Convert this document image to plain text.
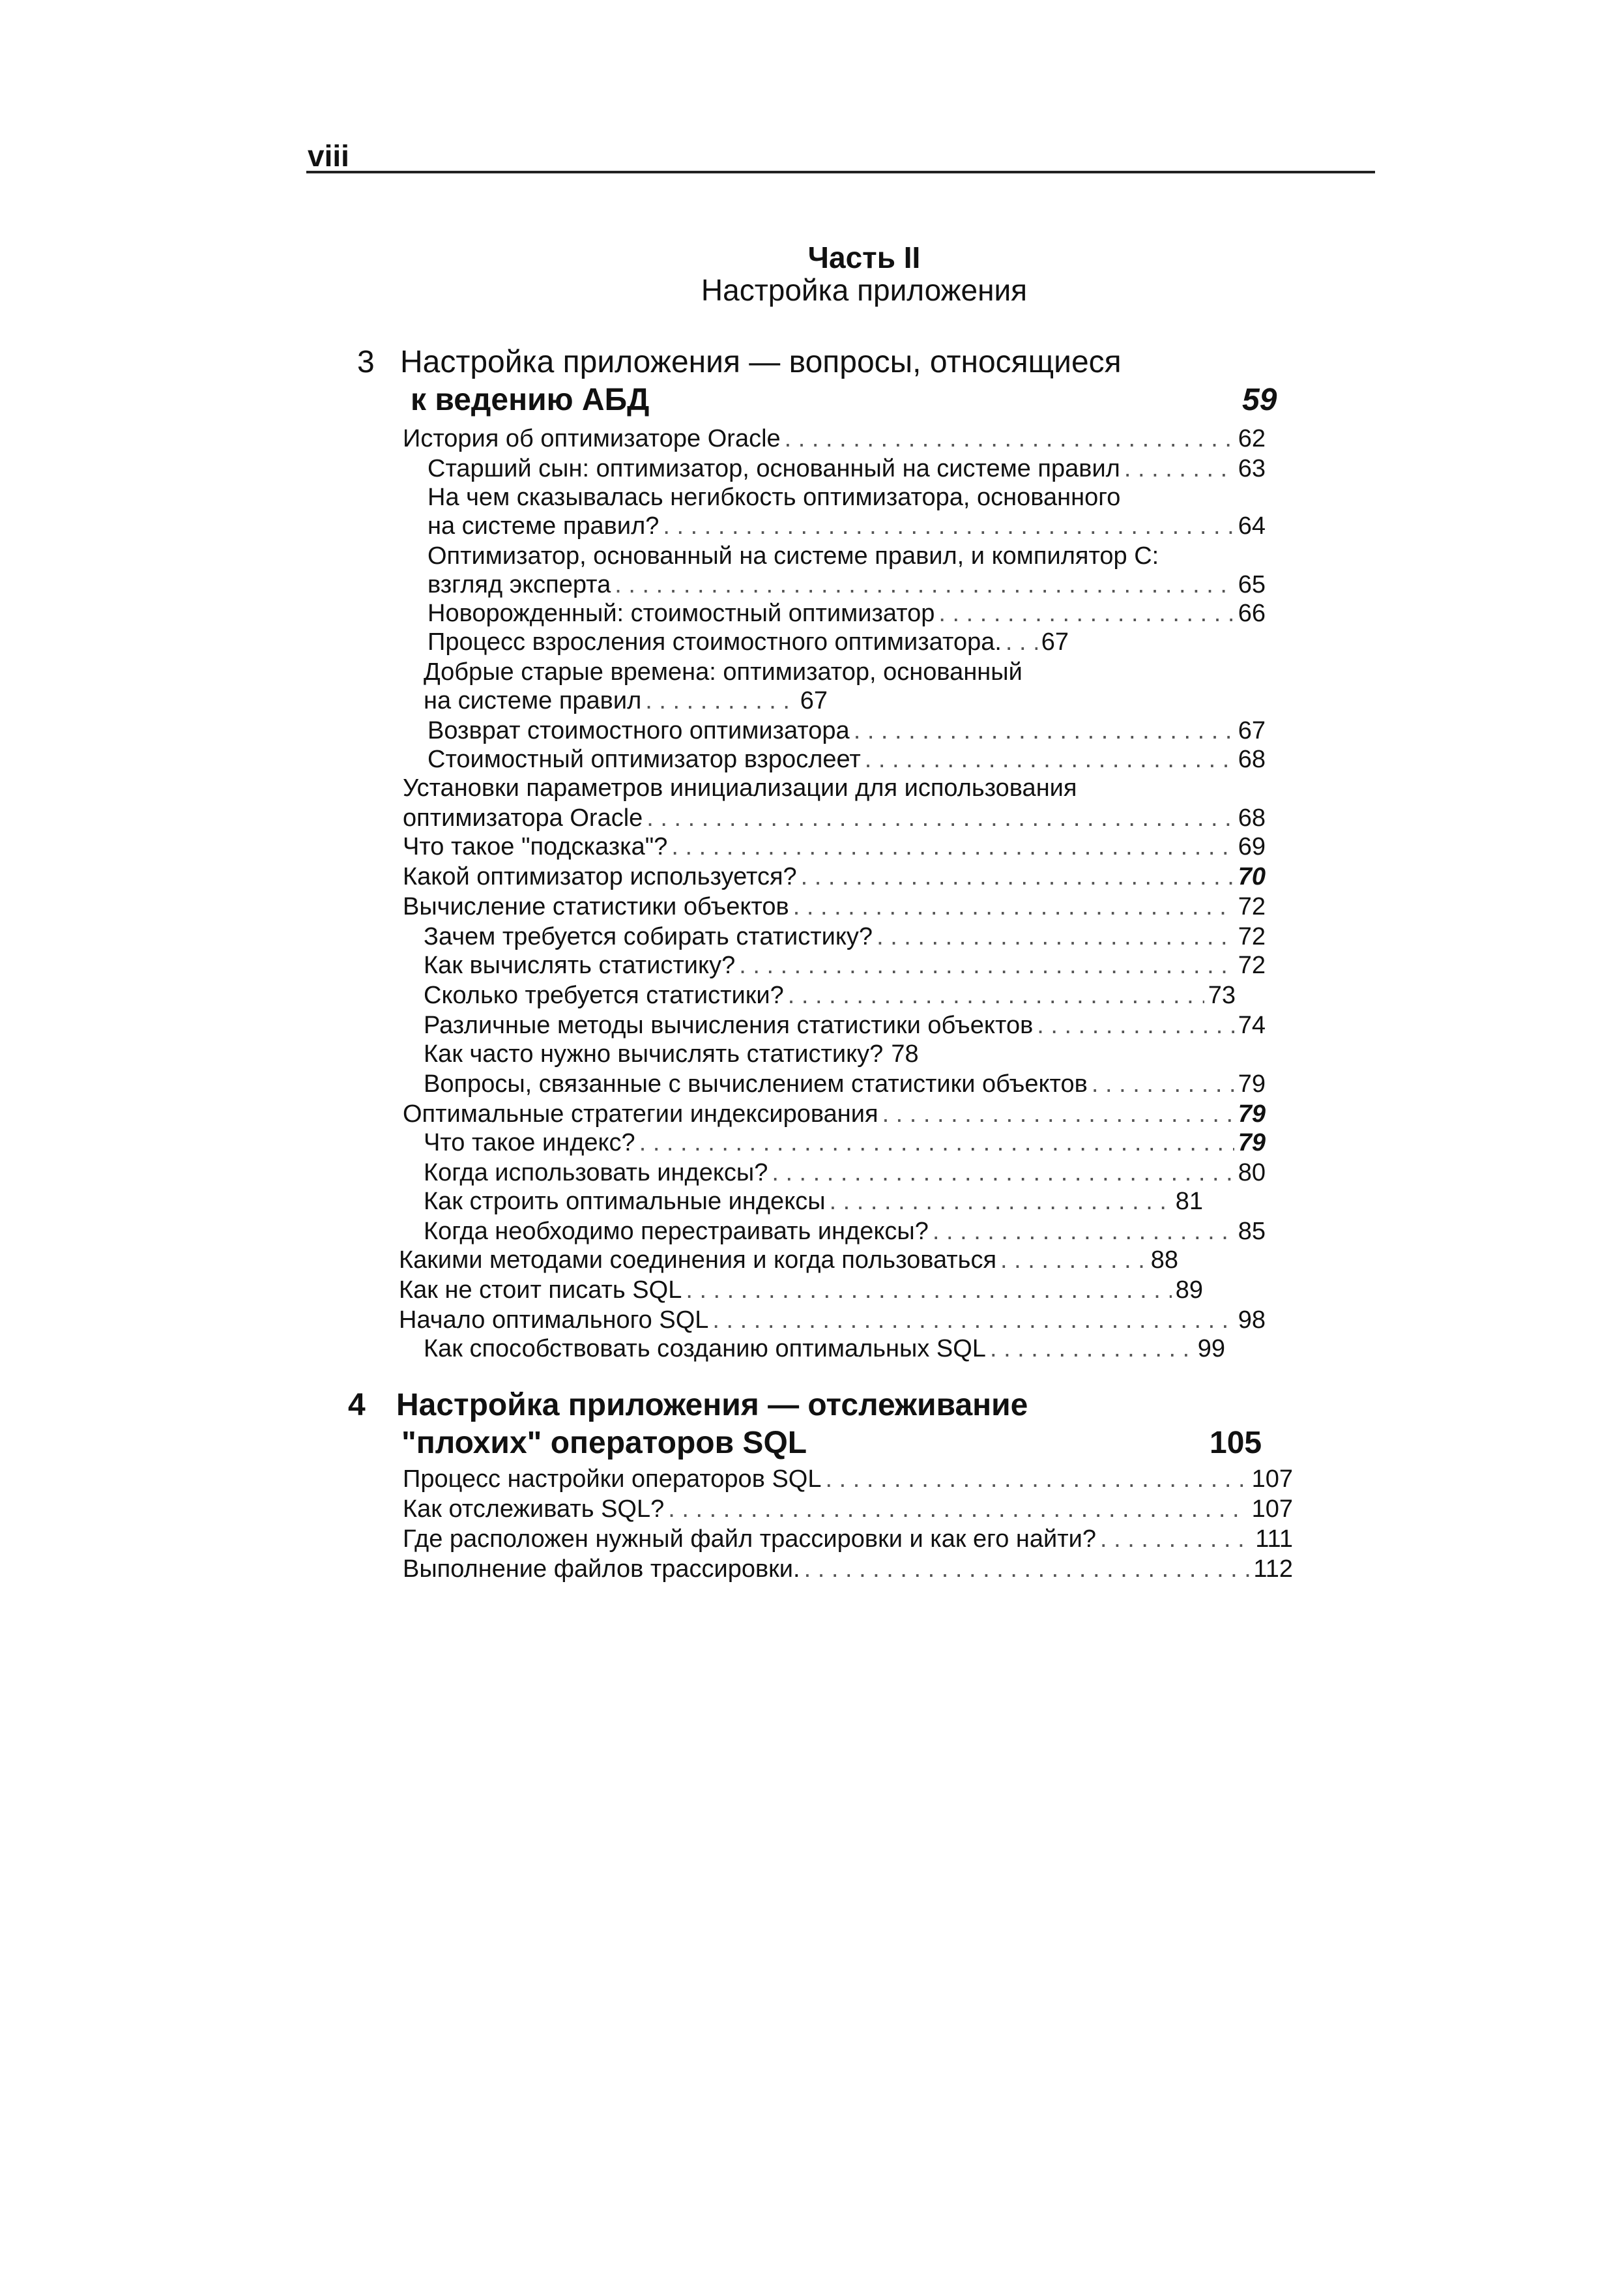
viii
Часть II
Настройка приложения
3 Настройка приложения — вопросы, относящиеся
к ведению АБД	59
История об оптимизаторе Oracle . . .	62
Старший сын: оптимизатор, основанный на системе правил . . .	63
На чем сказывалась негибкость оптимизатора, основанного
на системе правил? . . .	64
Оптимизатор, основанный на системе правил, и компилятор С:
взгляд эксперта . . .	65
Новорожденный: стоимостный оптимизатор . . .	66
Процесс взросления стоимостного оптимизатора. . . . 67
Добрые старые времена: оптимизатор, основанный
на системе правил . . .	67
Возврат стоимостного оптимизатора . . .	67
Стоимостный оптимизатор взрослеет . . .	68
Установки параметров инициализации для использования
оптимизатора Oracle . . .	68
Что такое "подсказка"? . . .	69
Какой оптимизатор используется? . . .	70
Вычисление статистики объектов . . .	72
Зачем требуется собирать статистику? . . .	72
Как вычислять статистику? . . .	72
Сколько требуется статистики? . . .	73
Различные методы вычисления статистики объектов . . .	74
Как часто нужно вычислять статистику? 78
Вопросы, связанные с вычислением статистики объектов . . .	79
Оптимальные стратегии индексирования . . .	79
Что такое индекс? . . .	79
Когда использовать индексы? . . .	80
Как строить оптимальные индексы . . .	81
Когда необходимо перестраивать индексы? . . .	85
Какими методами соединения и когда пользоваться . . .	88
Как не стоит писать SQL . . .	89
Начало оптимального SQL . . .	98
Как способствовать созданию оптимальных SQL . . .	99
4 Настройка приложения — отслеживание
"плохих" операторов SQL	105
Процесс настройки операторов SQL . . .	107
Как отслеживать SQL? . . .	107
Где расположен нужный файл трассировки и как его найти? . . .	111
Выполнение файлов трассировки. . . .	112
